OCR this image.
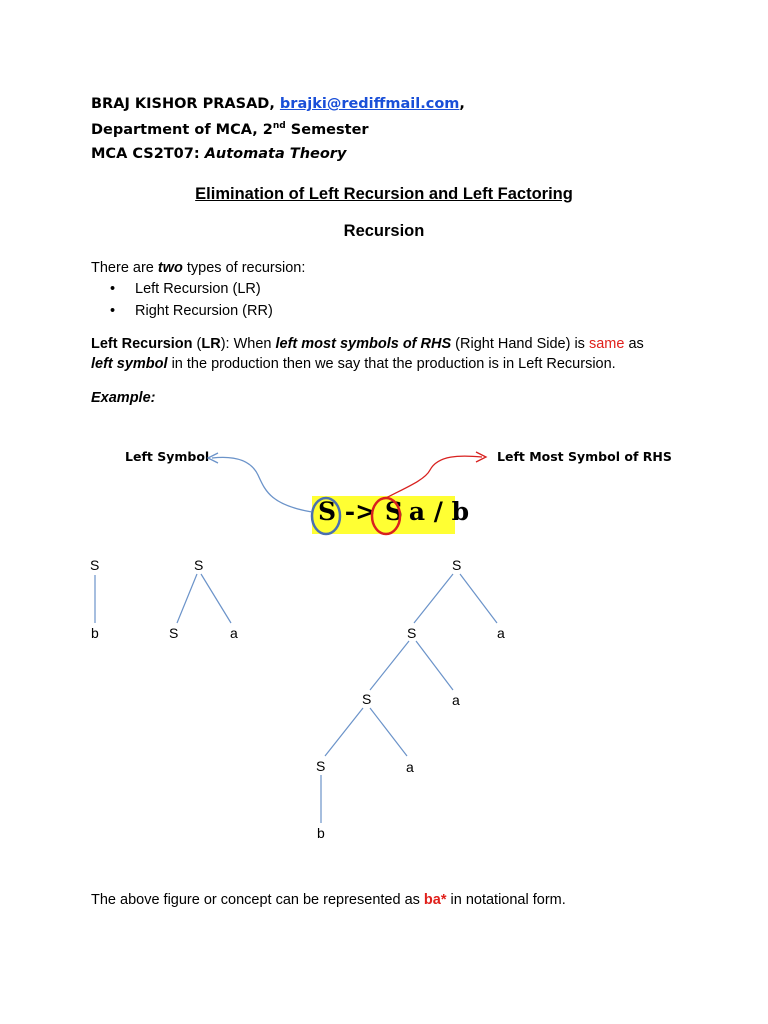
BRAJ KISHOR PRASAD, brajki@rediffmail.com,
Department of MCA, 2nd Semester
MCA CS2T07: Automata Theory
Elimination of Left Recursion and Left Factoring
Recursion
There are two types of recursion:
• Left Recursion (LR)
• Right Recursion (RR)
Left Recursion (LR): When left most symbols of RHS (Right Hand Side) is same as
left symbol in the production then we say that the production is in Left Recursion.
Example:
Left Symbol	Left Most Symbol of RHS
S -> S a / b
S
b
S
S	a
S
S	a
S	a
S	a
b
The above figure or concept can be represented as ba* in notational form.
